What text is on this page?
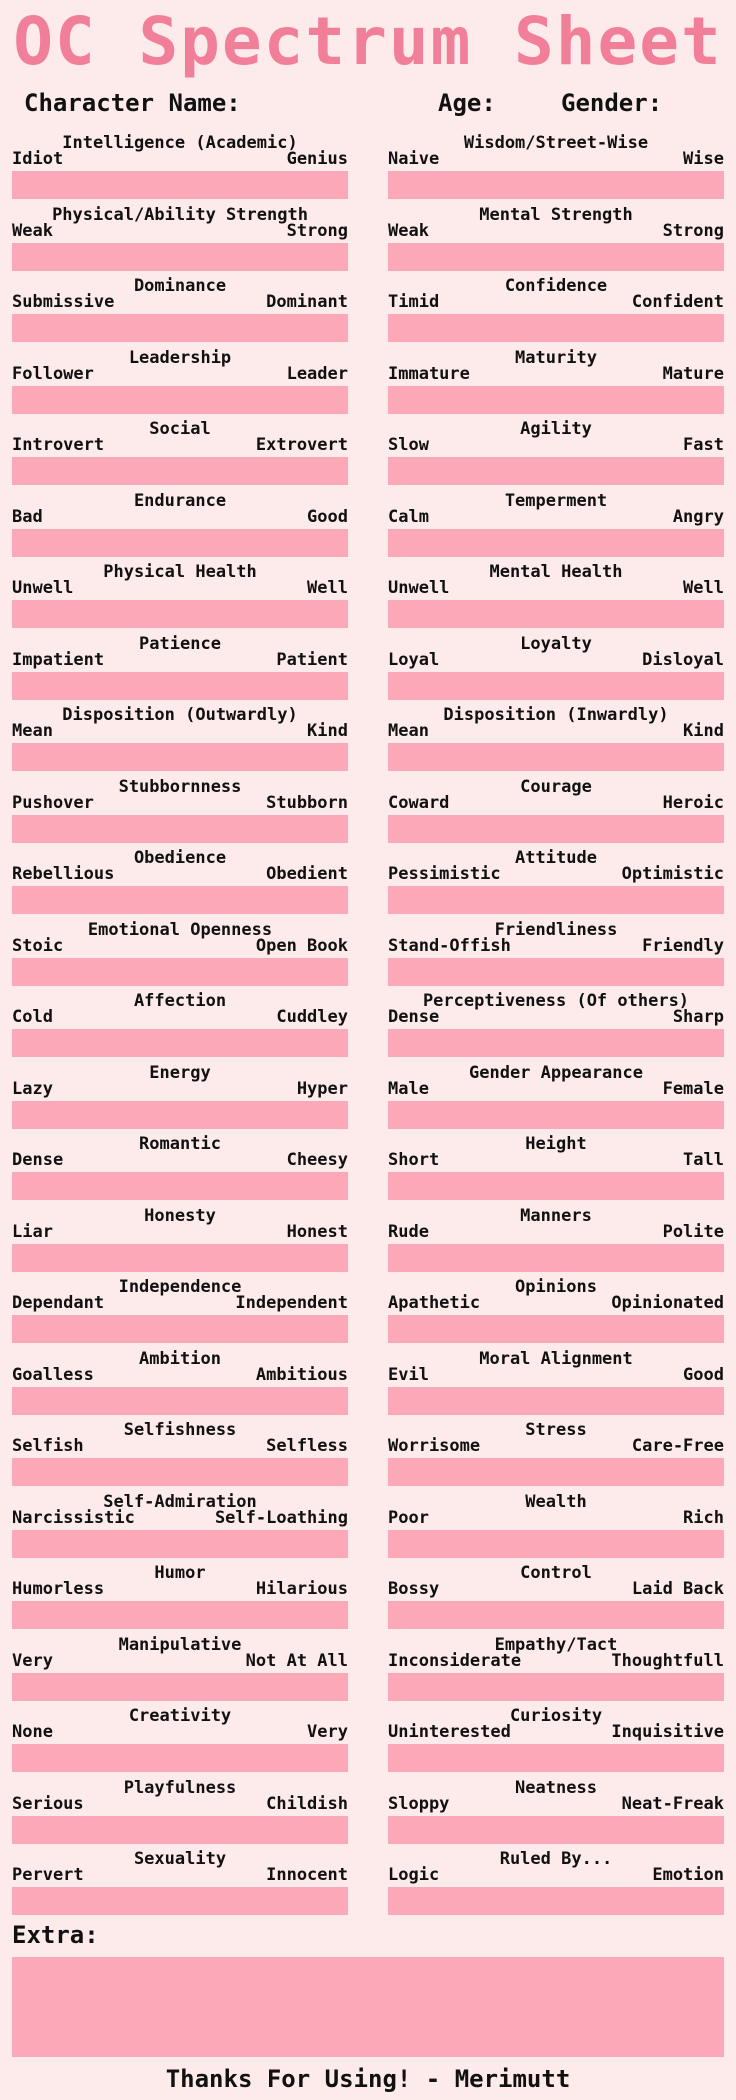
OC Spectrum Sheet
Character Name:	Age:	Gender:
Intelligence (Academic)
Idiot	Genius
Physical/Ability Strength
Weak	Strong
Dominance
Submissive	Dominant
Leadership
Follower	Leader
Social
Introvert	Extrovert
Endurance
Bad	Good
Physical Health
Unwell	Well
Patience
Impatient	Patient
Disposition (Outwardly)
Mean	Kind
Stubbornness
Pushover	Stubborn
Obedience
Rebellious	Obedient
Emotional Openness
Stoic	Open Book
Affection
Cold	Cuddley
Energy
Lazy	Hyper
Romantic
Dense	Cheesy
Honesty
Liar	Honest
Independence
Dependant	Independent
Ambition
Goalless	Ambitious
Selfishness
Selfish	Selfless
Self-Admiration
Narcissistic	Self-Loathing
Humor
Humorless	Hilarious
Manipulative
Very	Not At All
Creativity
None	Very
Playfulness
Serious	Childish
Sexuality
Pervert	Innocent
Wisdom/Street-Wise
Naive	Wise
Mental Strength
Weak	Strong
Confidence
Timid	Confident
Maturity
Immature	Mature
Agility
Slow	Fast
Temperment
Calm	Angry
Mental Health
Unwell	Well
Loyalty
Loyal	Disloyal
Disposition (Inwardly)
Mean	Kind
Courage
Coward	Heroic
Attitude
Pessimistic	Optimistic
Friendliness
Stand-Offish	Friendly
Perceptiveness (Of others)
Dense	Sharp
Gender Appearance
Male	Female
Height
Short	Tall
Manners
Rude	Polite
Opinions
Apathetic	Opinionated
Moral Alignment
Evil	Good
Stress
Worrisome	Care-Free
Wealth
Poor	Rich
Control
Bossy	Laid Back
Empathy/Tact
Inconsiderate	Thoughtfull
Curiosity
Uninterested	Inquisitive
Neatness
Sloppy	Neat-Freak
Ruled By...
Logic	Emotion
Extra:
Thanks For Using! - Merimutt
